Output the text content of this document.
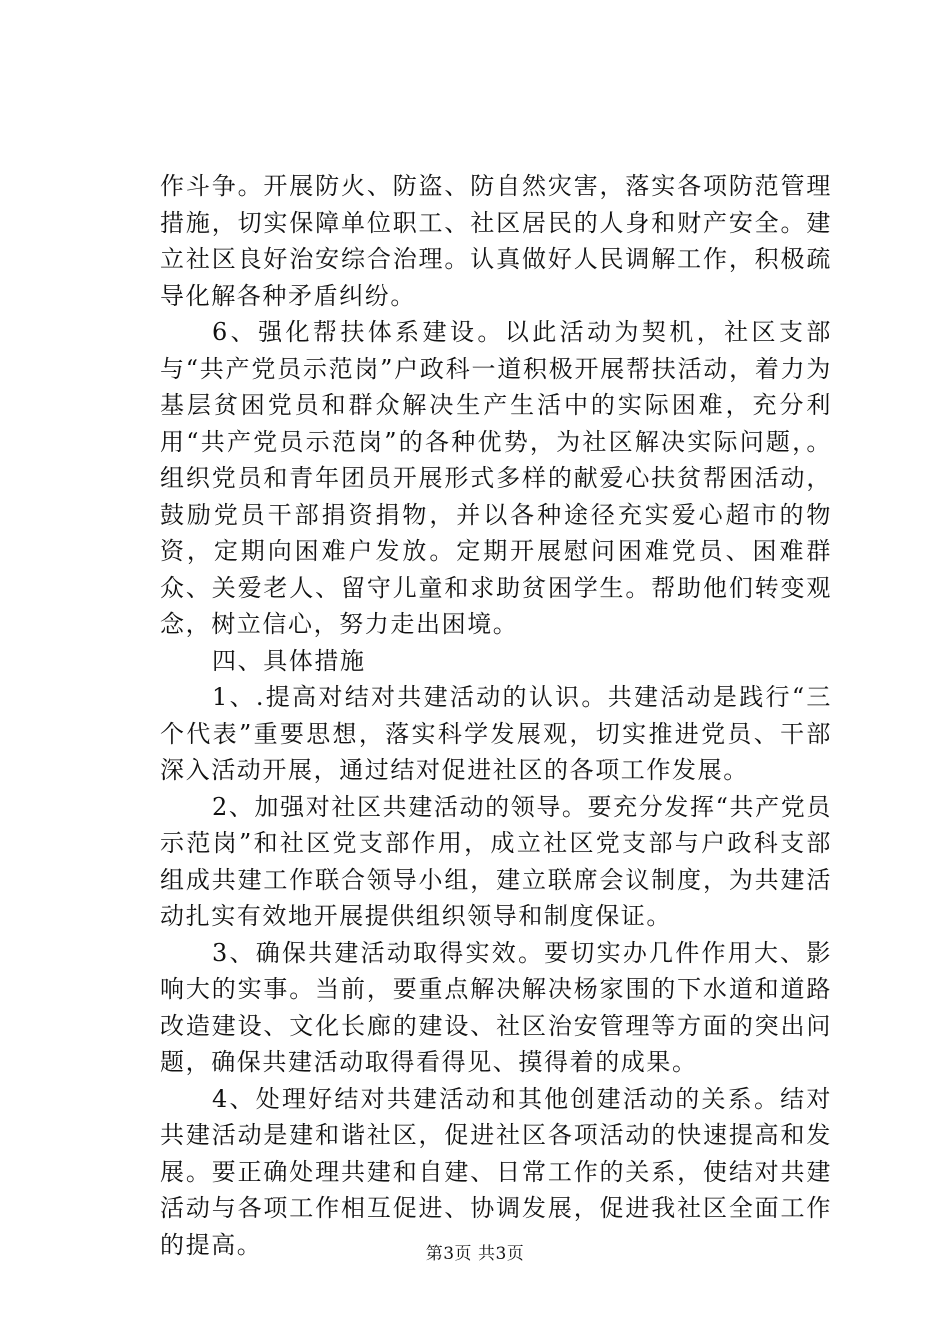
作斗争。开展防火、防盗、防自然灾害，落实各项防范管理措施，切实保障单位职工、社区居民的人身和财产安全。建立社区良好治安综合治理。认真做好人民调解工作，积极疏导化解各种矛盾纠纷。

6、强化帮扶体系建设。以此活动为契机，社区支部与“共产党员示范岗”户政科一道积极开展帮扶活动，着力为基层贫困党员和群众解决生产生活中的实际困难，充分利用“共产党员示范岗”的各种优势，为社区解决实际问题，。组织党员和青年团员开展形式多样的献爱心扶贫帮困活动，鼓励党员干部捐资捐物，并以各种途径充实爱心超市的物资，定期向困难户发放。定期开展慰问困难党员、困难群众、关爱老人、留守儿童和求助贫困学生。帮助他们转变观念，树立信心，努力走出困境。

四、具体措施

1、.提高对结对共建活动的认识。共建活动是践行“三个代表”重要思想，落实科学发展观，切实推进党员、干部深入活动开展，通过结对促进社区的各项工作发展。

2、加强对社区共建活动的领导。要充分发挥“共产党员示范岗”和社区党支部作用，成立社区党支部与户政科支部组成共建工作联合领导小组，建立联席会议制度，为共建活动扎实有效地开展提供组织领导和制度保证。

3、确保共建活动取得实效。要切实办几件作用大、影响大的实事。当前，要重点解决解决杨家围的下水道和道路改造建设、文化长廊的建设、社区治安管理等方面的突出问题，确保共建活动取得看得见、摸得着的成果。

4、处理好结对共建活动和其他创建活动的关系。结对共建活动是建和谐社区，促进社区各项活动的快速提高和发展。要正确处理共建和自建、日常工作的关系，使结对共建活动与各项工作相互促进、协调发展，促进我社区全面工作的提高。	第3页 共3页
